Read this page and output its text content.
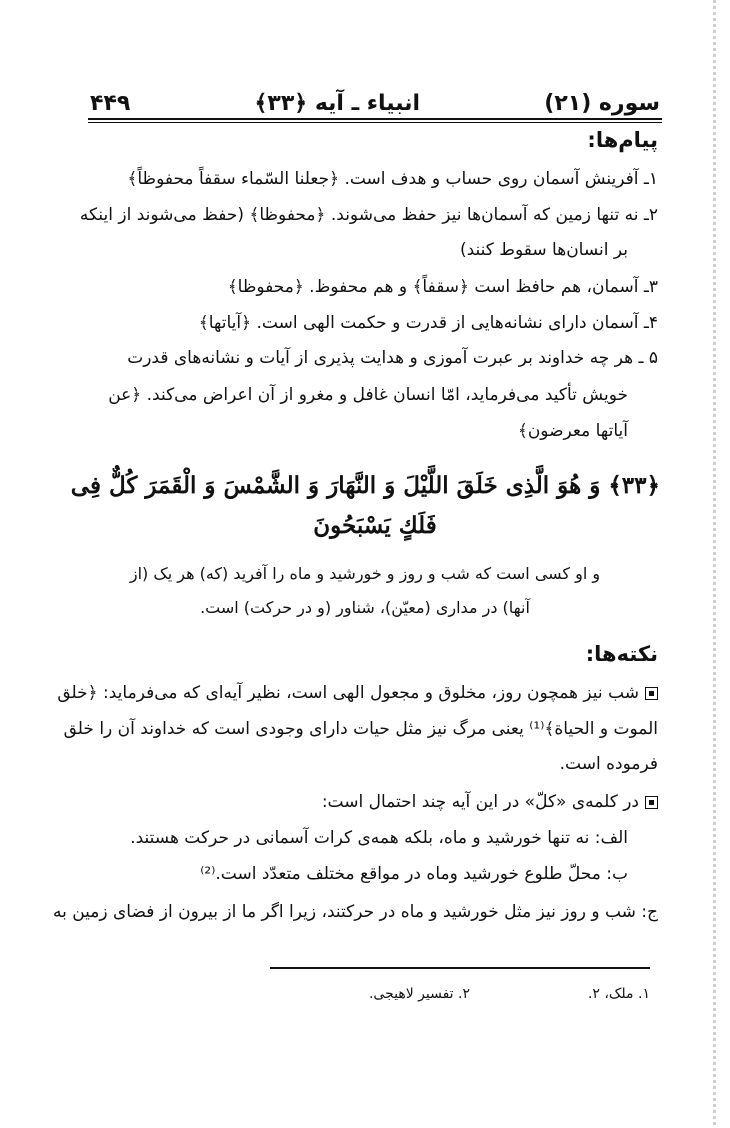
سوره (۲۱)
انبیاء ـ آیه ﴿۳۳﴾
۴۴۹
پیام‌ها:
۱ـ آفرینش آسمان روی حساب و هدف است. ﴿جعلنا السّماء سقفاً محفوظاً﴾
۲ـ نه تنها زمین که آسمان‌ها نیز حفظ می‌شوند. ﴿محفوظا﴾ (حفظ می‌شوند از اینکه
بر انسان‌ها سقوط کنند)
۳ـ آسمان، هم حافظ است ﴿سقفاً﴾ و هم محفوظ. ﴿محفوظا﴾
۴ـ آسمان دارای نشانه‌هایی از قدرت و حکمت الهی است. ﴿آیاتها﴾
۵ ـ هر چه خداوند بر عبرت آموزی و هدایت پذیری از آیات و نشانه‌های قدرت
خویش تأکید می‌فرماید، امّا انسان غافل و مغرو از آن اعراض می‌کند. ﴿عن
آیاتها معرضون﴾
﴿۳۳﴾ وَ هُوَ الَّذِی خَلَقَ اللَّیْلَ وَ النَّهَارَ وَ الشَّمْسَ وَ الْقَمَرَ كُلٌّ فِی
فَلَكٍ یَسْبَحُونَ
و او کسی است که شب و روز و خورشید و ماه را آفرید (که) هر یک (از
آنها) در مداری (معیّن)، شناور (و در حرکت) است.
نکته‌ها:
شب نیز همچون روز، مخلوق و مجعول الهی است، نظیر آیه‌ای که می‌فرماید: ﴿خلق
الموت و الحیاة﴾⁽¹⁾ یعنی مرگ نیز مثل حیات دارای وجودی است که خداوند آن را خلق
فرموده است.
در کلمه‌ی «کلّ» در این آیه چند احتمال است:
الف: نه تنها خورشید و ماه، بلکه همه‌ی کرات آسمانی در حرکت هستند.
ب: محلّ طلوع خورشید وماه در مواقع مختلف متعدّد است.⁽²⁾
ج: شب و روز نیز مثل خورشید و ماه در حرکتند، زیرا اگر ما از بیرون از فضای زمین به
۱. ملک، ۲.
۲. تفسیر لاهیجی.
